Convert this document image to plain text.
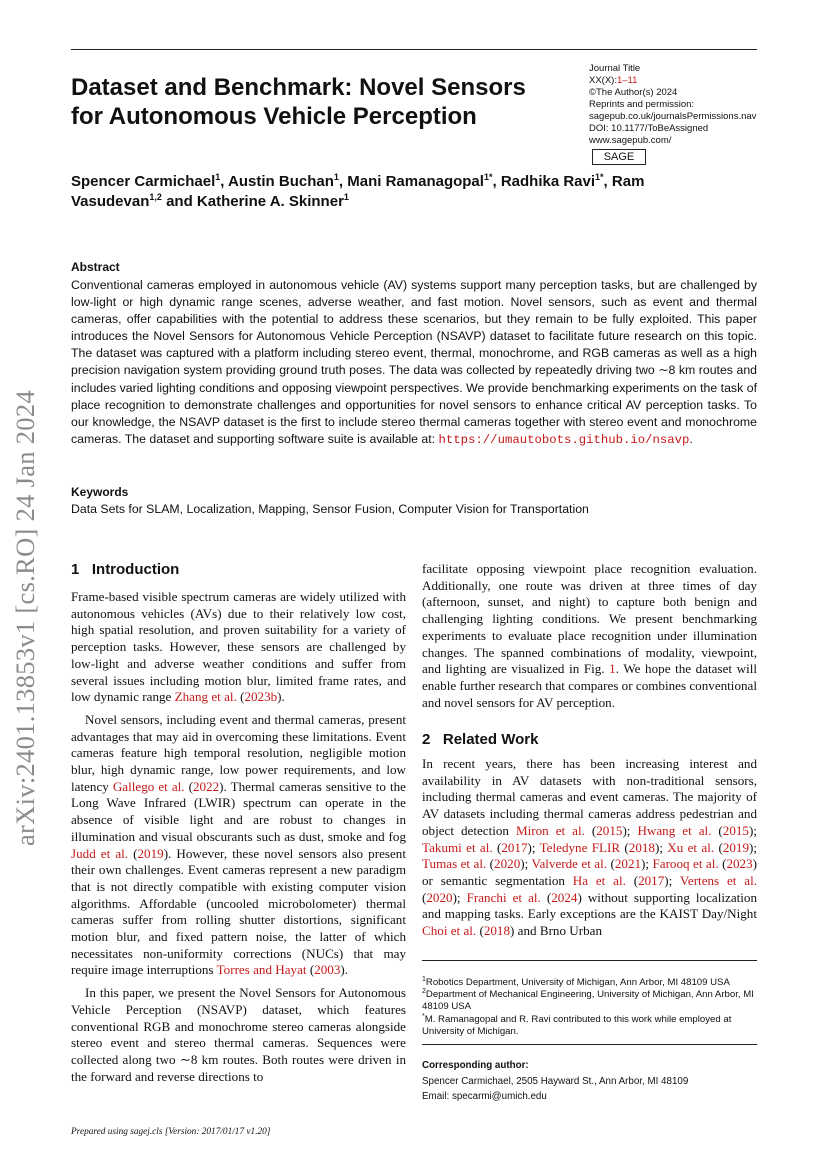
arXiv:2401.13853v1 [cs.RO] 24 Jan 2024
Dataset and Benchmark: Novel Sensors
for Autonomous Vehicle Perception
Journal Title
XX(X):1–11
©The Author(s) 2024
Reprints and permission:
sagepub.co.uk/journalsPermissions.nav
DOI: 10.1177/ToBeAssigned
www.sagepub.com/
SAGE
Spencer Carmichael$^1$, Austin Buchan$^1$, Mani Ramanagopal$^{1*}$, Radhika Ravi$^{1*}$, Ram
Vasudevan$^{1,2}$ and Katherine A. Skinner$^1$
Abstract
Conventional cameras employed in autonomous vehicle (AV) systems support many perception tasks, but are challenged by low-light or high dynamic range scenes, adverse weather, and fast motion. Novel sensors, such as event and thermal cameras, offer capabilities with the potential to address these scenarios, but they remain to be fully exploited. This paper introduces the Novel Sensors for Autonomous Vehicle Perception (NSAVP) dataset to facilitate future research on this topic. The dataset was captured with a platform including stereo event, thermal, monochrome, and RGB cameras as well as a high precision navigation system providing ground truth poses. The data was collected by repeatedly driving two ∼8 km routes and includes varied lighting conditions and opposing viewpoint perspectives. We provide benchmarking experiments on the task of place recognition to demonstrate challenges and opportunities for novel sensors to enhance critical AV perception tasks. To our knowledge, the NSAVP dataset is the first to include stereo thermal cameras together with stereo event and monochrome cameras. The dataset and supporting software suite is available at: https://umautobots.github.io/nsavp.
Keywords
Data Sets for SLAM, Localization, Mapping, Sensor Fusion, Computer Vision for Transportation
1 Introduction

Frame-based visible spectrum cameras are widely utilized with autonomous vehicles (AVs) due to their relatively low cost, high spatial resolution, and proven suitability for a variety of perception tasks. However, these sensors are challenged by low-light and adverse weather conditions and suffer from several issues including motion blur, limited frame rates, and low dynamic range Zhang et al. (2023b).

Novel sensors, including event and thermal cameras, present advantages that may aid in overcoming these limitations. Event cameras feature high temporal resolution, negligible motion blur, high dynamic range, low power requirements, and low latency Gallego et al. (2022). Thermal cameras sensitive to the Long Wave Infrared (LWIR) spectrum can operate in the absence of visible light and are robust to changes in illumination and visual obscurants such as dust, smoke and fog Judd et al. (2019). However, these novel sensors also present their own challenges. Event cameras represent a new paradigm that is not directly compatible with existing computer vision algorithms. Affordable (uncooled microbolometer) thermal cameras suffer from rolling shutter distortions, significant motion blur, and fixed pattern noise, the latter of which necessitates non-uniformity corrections (NUCs) that may require image interruptions Torres and Hayat (2003).

In this paper, we present the Novel Sensors for Autonomous Vehicle Perception (NSAVP) dataset, which features conventional RGB and monochrome stereo cameras alongside stereo event and stereo thermal cameras. Sequences were collected along two ∼8 km routes. Both routes were driven in the forward and reverse directions to

facilitate opposing viewpoint place recognition evaluation. Additionally, one route was driven at three times of day (afternoon, sunset, and night) to capture both benign and challenging lighting conditions. We present benchmarking experiments to evaluate place recognition under illumination changes. The spanned combinations of modality, viewpoint, and lighting are visualized in Fig. 1. We hope the dataset will enable further research that compares or combines conventional and novel sensors for AV perception.

2 Related Work

In recent years, there has been increasing interest and availability in AV datasets with non-traditional sensors, including thermal cameras and event cameras. The majority of AV datasets including thermal cameras address pedestrian and object detection Miron et al. (2015); Hwang et al. (2015); Takumi et al. (2017); Teledyne FLIR (2018); Xu et al. (2019); Tumas et al. (2020); Valverde et al. (2021); Farooq et al. (2023) or semantic segmentation Ha et al. (2017); Vertens et al. (2020); Franchi et al. (2024) without supporting localization and mapping tasks. Early exceptions are the KAIST Day/Night Choi et al. (2018) and Brno Urban

$^1$Robotics Department, University of Michigan, Ann Arbor, MI 48109 USA
$^2$Department of Mechanical Engineering, University of Michigan, Ann Arbor, MI 48109 USA
*M. Ramanagopal and R. Ravi contributed to this work while employed at University of Michigan.
Corresponding author:
Spencer Carmichael, 2505 Hayward St., Ann Arbor, MI 48109
Email: specarmi@umich.edu
Prepared using sagej.cls [Version: 2017/01/17 v1.20]
